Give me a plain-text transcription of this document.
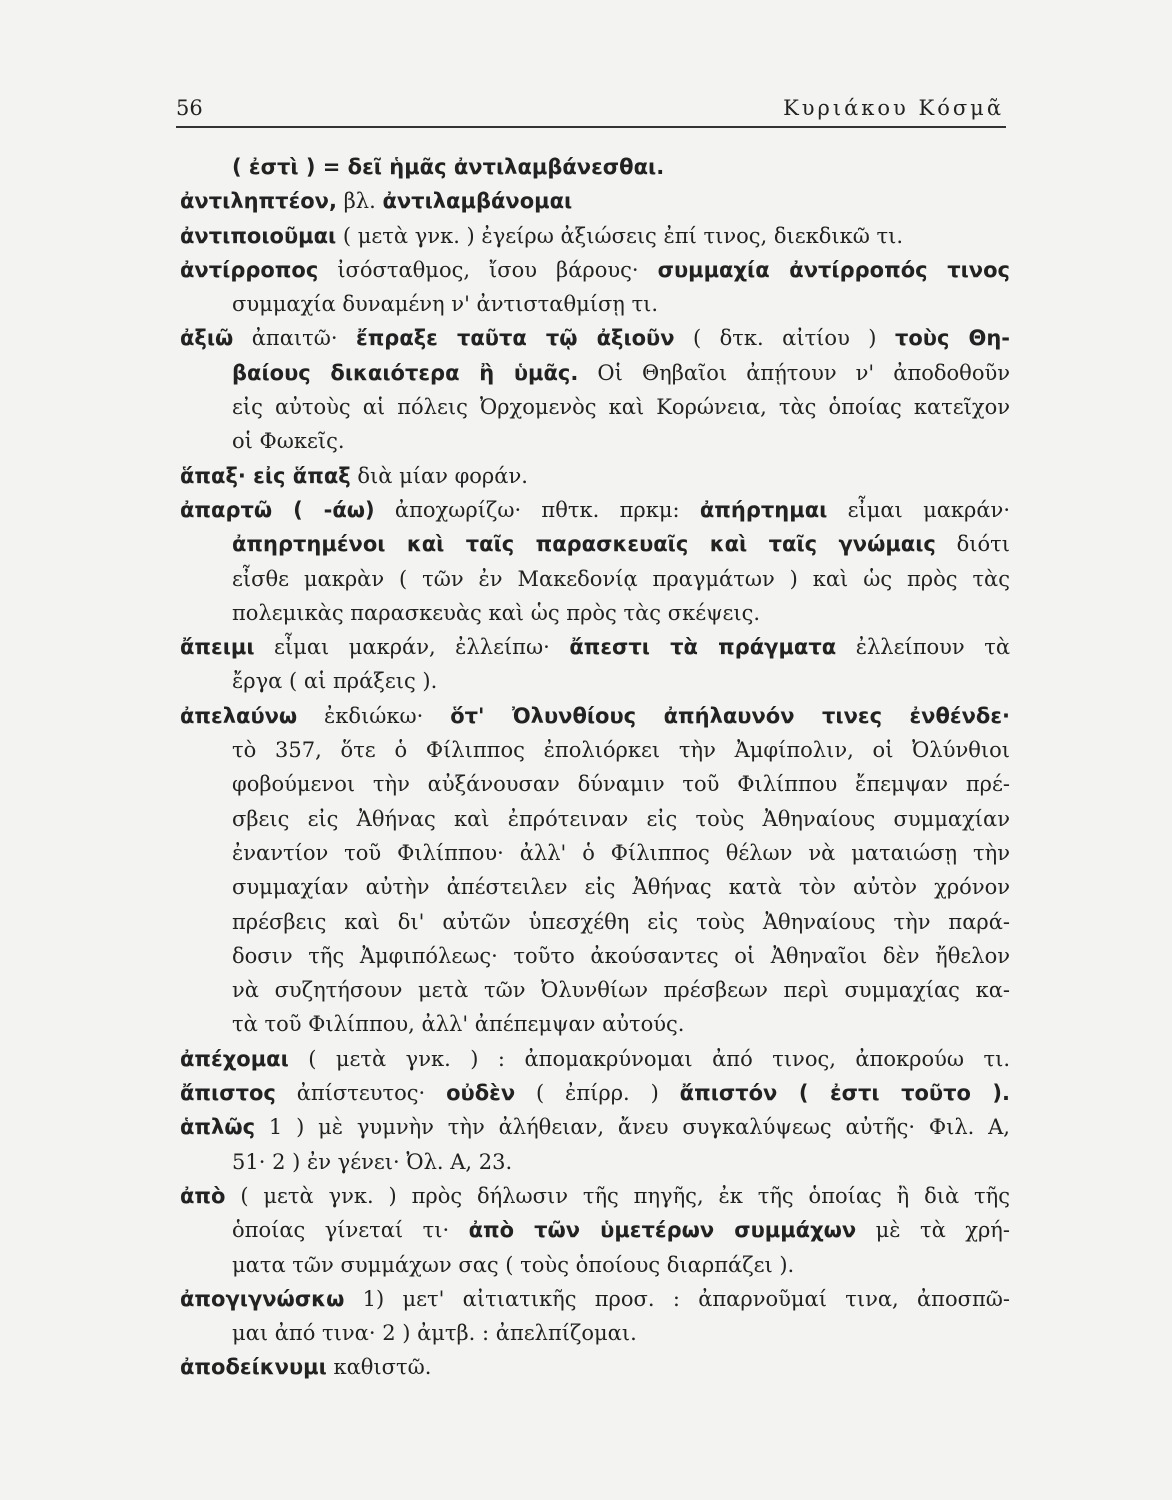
56	Κυριάκου Κόσμᾶ
( ἐστὶ ) = δεῖ ἡμᾶς ἀντιλαμβάνεσθαι.
ἀντιληπτέον, βλ. ἀντιλαμβάνομαι
ἀντιποιοῦμαι ( μετὰ γνκ. ) ἐγείρω ἀξιώσεις ἐπί τινος, διεκδικῶ τι.
ἀντίρροπος ἰσόσταθμος, ἴσου βάρους· συμμαχία ἀντίρροπός τινος
συμμαχία δυναμένη ν' ἀντισταθμίσῃ τι.
ἀξιῶ ἀπαιτῶ· ἔπραξε ταῦτα τῷ ἀξιοῦν ( δτκ. αἰτίου ) τοὺς Θη-
βαίους δικαιότερα ἢ ὑμᾶς. Οἱ Θηβαῖοι ἀπῄτουν ν' ἀποδοθοῦν
εἰς αὐτοὺς αἱ πόλεις Ὀρχομενὸς καὶ Κορώνεια, τὰς ὁποίας κατεῖχον
οἱ Φωκεῖς.
ἅπαξ· εἰς ἅπαξ διὰ μίαν φοράν.
ἀπαρτῶ ( -άω) ἀποχωρίζω· πθτκ. πρκμ: ἀπήρτημαι εἶμαι μακράν·
ἀπηρτημένοι καὶ ταῖς παρασκευαῖς καὶ ταῖς γνώμαις διότι
εἶσθε μακρὰν ( τῶν ἐν Μακεδονίᾳ πραγμάτων ) καὶ ὡς πρὸς τὰς
πολεμικὰς παρασκευὰς καὶ ὡς πρὸς τὰς σκέψεις.
ἄπειμι εἶμαι μακράν, ἐλλείπω· ἄπεστι τὰ πράγματα ἐλλείπουν τὰ
ἔργα ( αἱ πράξεις ).
ἀπελαύνω ἐκδιώκω· ὅτ' Ὀλυνθίους ἀπήλαυνόν τινες ἐνθένδε·
τὸ 357, ὅτε ὁ Φίλιππος ἐπολιόρκει τὴν Ἀμφίπολιν, οἱ Ὀλύνθιοι
φοβούμενοι τὴν αὐξάνουσαν δύναμιν τοῦ Φιλίππου ἔπεμψαν πρέ-
σβεις εἰς Ἀθήνας καὶ ἐπρότειναν εἰς τοὺς Ἀθηναίους συμμαχίαν
ἐναντίον τοῦ Φιλίππου· ἀλλ' ὁ Φίλιππος θέλων νὰ ματαιώσῃ τὴν
συμμαχίαν αὐτὴν ἀπέστειλεν εἰς Ἀθήνας κατὰ τὸν αὐτὸν χρόνον
πρέσβεις καὶ δι' αὐτῶν ὑπεσχέθη εἰς τοὺς Ἀθηναίους τὴν παρά-
δοσιν τῆς Ἀμφιπόλεως· τοῦτο ἀκούσαντες οἱ Ἀθηναῖοι δὲν ἤθελον
νὰ συζητήσουν μετὰ τῶν Ὀλυνθίων πρέσβεων περὶ συμμαχίας κα-
τὰ τοῦ Φιλίππου, ἀλλ' ἀπέπεμψαν αὐτούς.
ἀπέχομαι ( μετὰ γνκ. ) : ἀπομακρύνομαι ἀπό τινος, ἀποκρούω τι.
ἄπιστος ἀπίστευτος· οὐδὲν ( ἐπίρρ. ) ἄπιστόν ( ἐστι τοῦτο ).
ἁπλῶς 1 ) μὲ γυμνὴν τὴν ἀλήθειαν, ἄνευ συγκαλύψεως αὐτῆς· Φιλ. Α,
51· 2 ) ἐν γένει· Ὀλ. Α, 23.
ἀπὸ ( μετὰ γνκ. ) πρὸς δήλωσιν τῆς πηγῆς, ἐκ τῆς ὁποίας ἢ διὰ τῆς
ὁποίας γίνεταί τι· ἀπὸ τῶν ὑμετέρων συμμάχων μὲ τὰ χρή-
ματα τῶν συμμάχων σας ( τοὺς ὁποίους διαρπάζει ).
ἀπογιγνώσκω 1) μετ' αἰτιατικῆς προσ. : ἀπαρνοῦμαί τινα, ἀποσπῶ-
μαι ἀπό τινα· 2 ) ἀμτβ. : ἀπελπίζομαι.
ἀποδείκνυμι καθιστῶ.
